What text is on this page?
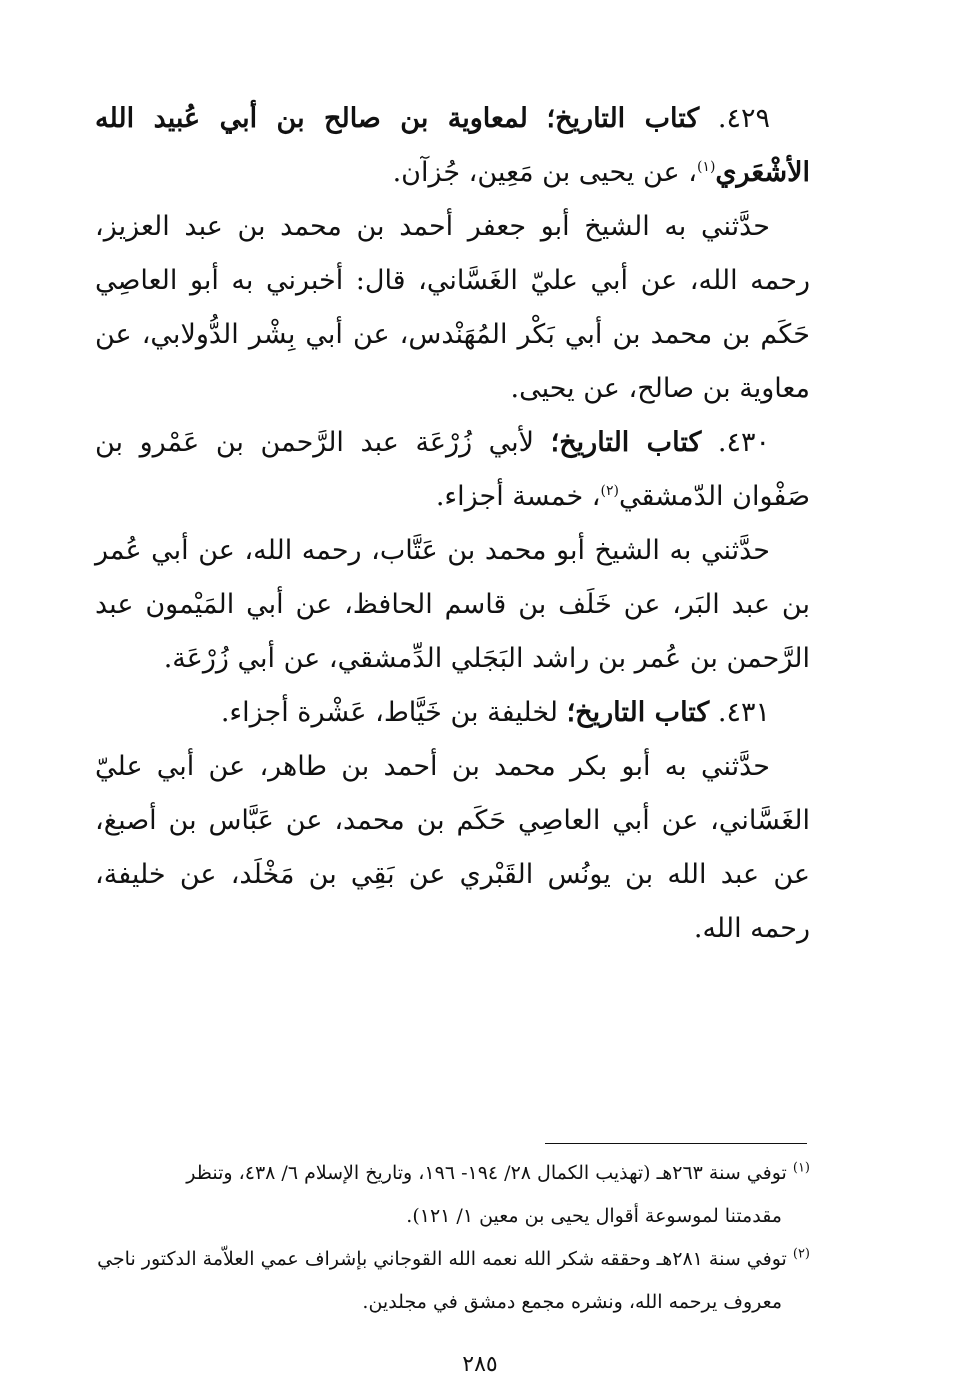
٤٢٩. كتاب التاريخ؛ لمعاوية بن صالح بن أبي عُبيد الله الأشْعَري$^{(١)}$، عن يحيى بن مَعِين، جُزآن.

حدَّثني به الشيخ أبو جعفر أحمد بن محمد بن عبد العزيز، رحمه الله، عن أبي عليّ الغَسَّاني، قال: أخبرني به أبو العاصِي حَكَم بن محمد بن أبي بَكْر المُهَنْدس، عن أبي بِشْر الدُّولابي، عن معاوية بن صالح، عن يحيى.

٤٣٠. كتاب التاريخ؛ لأبي زُرْعَة عبد الرَّحمن بن عَمْرو بن صَفْوان الدّمشقي$^{(٢)}$، خمسة أجزاء.

حدَّثني به الشيخ أبو محمد بن عَتَّاب، رحمه الله، عن أبي عُمر بن عبد البَر، عن خَلَف بن قاسم الحافظ، عن أبي المَيْمون عبد الرَّحمن بن عُمر بن راشد البَجَلي الدِّمشقي، عن أبي زُرْعَة.

٤٣١. كتاب التاريخ؛ لخليفة بن خَيَّاط، عَشْرة أجزاء.

حدَّثني به أبو بكر محمد بن أحمد بن طاهر، عن أبي عليّ الغَسَّاني، عن أبي العاصِي حَكَم بن محمد، عن عَبَّاس بن أصبغ، عن عبد الله بن يونُس القَبْري عن بَقِي بن مَخْلَد، عن خليفة، رحمه الله.

$^{(١)}$ توفي سنة ٢٦٣هـ (تهذيب الكمال ٢٨/ ١٩٤- ١٩٦، وتاريخ الإسلام ٦/ ٤٣٨، وتنظر
مقدمتنا لموسوعة أقوال يحيى بن معين ١/ ١٢١).

$^{(٢)}$ توفي سنة ٢٨١هـ وحققه شكر الله نعمه الله القوجاني بإشراف عمي العلاّمة الدكتور ناجي
معروف يرحمه الله، ونشره مجمع دمشق في مجلدين.

٢٨٥
